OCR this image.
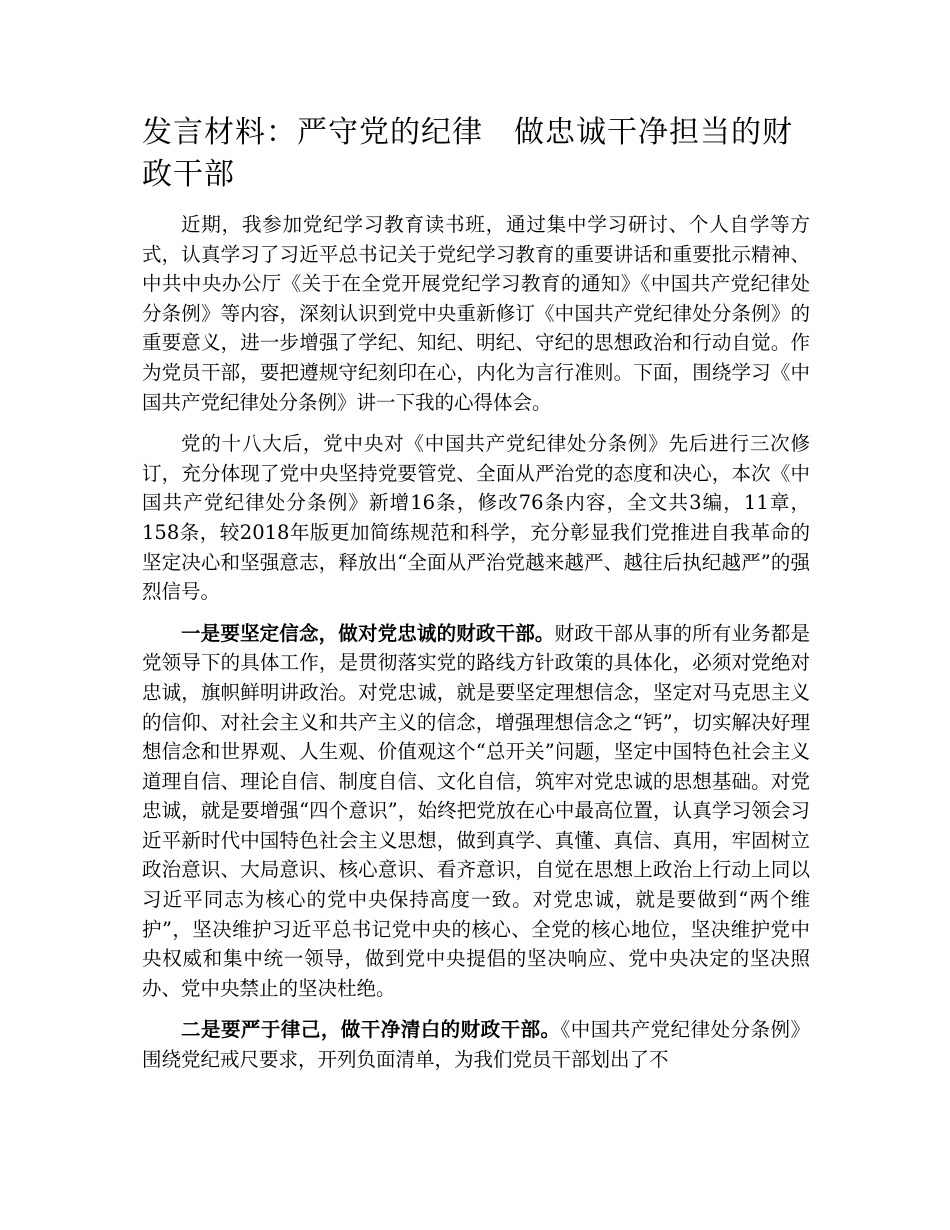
发言材料：严守党的纪律　做忠诚干净担当的财政干部

近期，我参加党纪学习教育读书班，通过集中学习研讨、个人自学等方式，认真学习了习近平总书记关于党纪学习教育的重要讲话和重要批示精神、中共中央办公厅《关于在全党开展党纪学习教育的通知》《中国共产党纪律处分条例》等内容，深刻认识到党中央重新修订《中国共产党纪律处分条例》的重要意义，进一步增强了学纪、知纪、明纪、守纪的思想政治和行动自觉。作为党员干部，要把遵规守纪刻印在心，内化为言行准则。下面，围绕学习《中国共产党纪律处分条例》讲一下我的心得体会。

党的十八大后，党中央对《中国共产党纪律处分条例》先后进行三次修订，充分体现了党中央坚持党要管党、全面从严治党的态度和决心，本次《中国共产党纪律处分条例》新增16条，修改76条内容，全文共3编，11章，158条，较2018年版更加简练规范和科学，充分彰显我们党推进自我革命的坚定决心和坚强意志，释放出“全面从严治党越来越严、越往后执纪越严”的强烈信号。

一是要坚定信念，做对党忠诚的财政干部。财政干部从事的所有业务都是党领导下的具体工作，是贯彻落实党的路线方针政策的具体化，必须对党绝对忠诚，旗帜鲜明讲政治。对党忠诚，就是要坚定理想信念，坚定对马克思主义的信仰、对社会主义和共产主义的信念，增强理想信念之“钙”，切实解决好理想信念和世界观、人生观、价值观这个“总开关”问题，坚定中国特色社会主义道理自信、理论自信、制度自信、文化自信，筑牢对党忠诚的思想基础。对党忠诚，就是要增强“四个意识”，始终把党放在心中最高位置，认真学习领会习近平新时代中国特色社会主义思想，做到真学、真懂、真信、真用，牢固树立政治意识、大局意识、核心意识、看齐意识，自觉在思想上政治上行动上同以习近平同志为核心的党中央保持高度一致。对党忠诚，就是要做到“两个维护”，坚决维护习近平总书记党中央的核心、全党的核心地位，坚决维护党中央权威和集中统一领导，做到党中央提倡的坚决响应、党中央决定的坚决照办、党中央禁止的坚决杜绝。

二是要严于律己，做干净清白的财政干部。《中国共产党纪律处分条例》围绕党纪戒尺要求，开列负面清单，为我们党员干部划出了不
